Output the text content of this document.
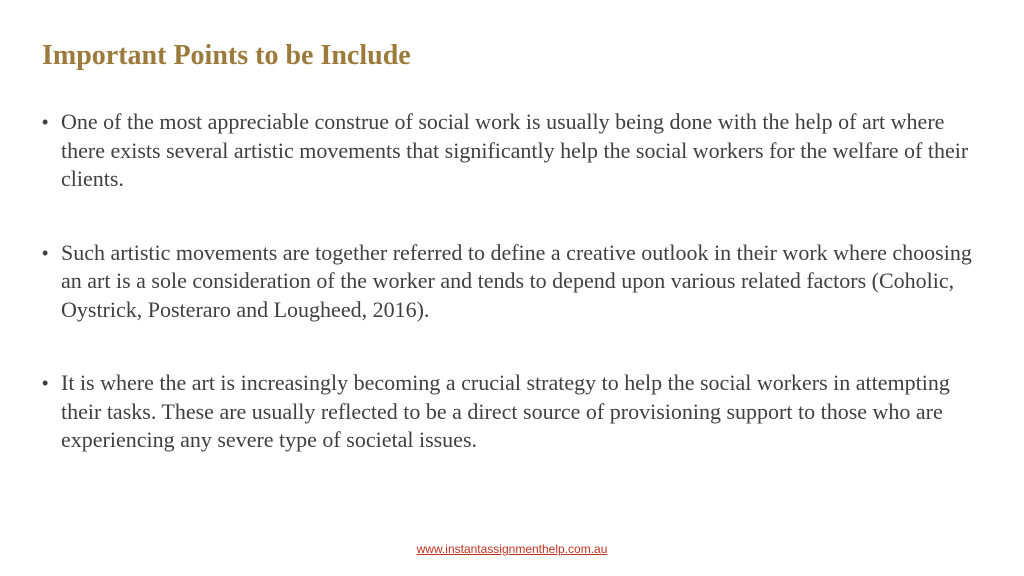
Important Points to be Include
• One of the most appreciable construe of social work is usually being done with the help of art where there exists several artistic movements that significantly help the social workers for the welfare of their clients.
• Such artistic movements are together referred to define a creative outlook in their work where choosing an art is a sole consideration of the worker and tends to depend upon various related factors (Coholic, Oystrick, Posteraro and Lougheed, 2016).
• It is where the art is increasingly becoming a crucial strategy to help the social workers in attempting their tasks. These are usually reflected to be a direct source of provisioning support to those who are experiencing any severe type of societal issues.
www.instantassignmenthelp.com.au
